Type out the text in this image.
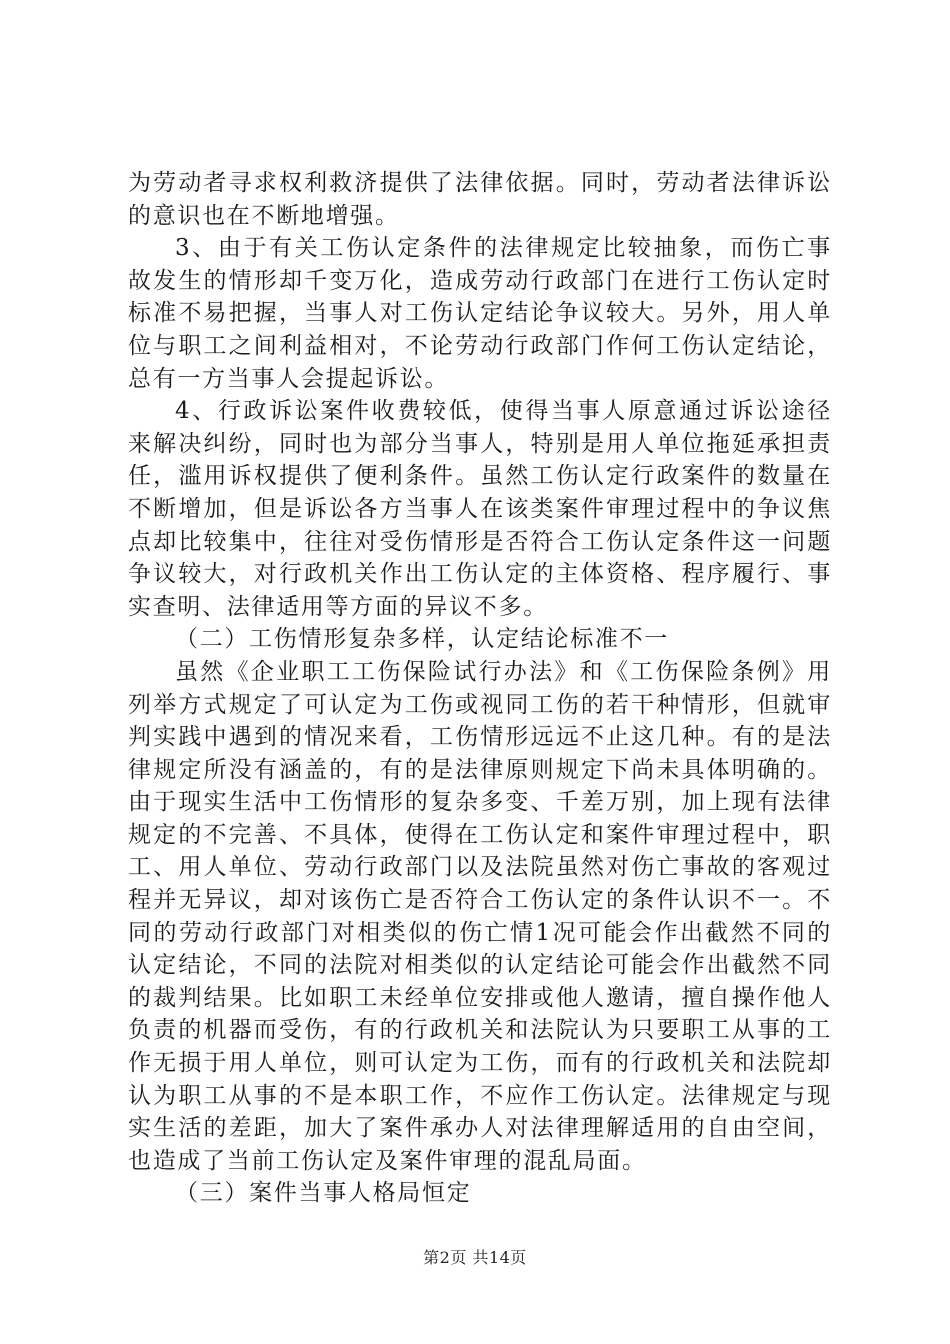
为劳动者寻求权利救济提供了法律依据。同时，劳动者法律诉讼的意识也在不断地增强。

3、由于有关工伤认定条件的法律规定比较抽象，而伤亡事故发生的情形却千变万化，造成劳动行政部门在进行工伤认定时标准不易把握，当事人对工伤认定结论争议较大。另外，用人单位与职工之间利益相对，不论劳动行政部门作何工伤认定结论，总有一方当事人会提起诉讼。

4、行政诉讼案件收费较低，使得当事人原意通过诉讼途径来解决纠纷，同时也为部分当事人，特别是用人单位拖延承担责任，滥用诉权提供了便利条件。虽然工伤认定行政案件的数量在不断增加，但是诉讼各方当事人在该类案件审理过程中的争议焦点却比较集中，往往对受伤情形是否符合工伤认定条件这一问题争议较大，对行政机关作出工伤认定的主体资格、程序履行、事实查明、法律适用等方面的异议不多。

（二）工伤情形复杂多样，认定结论标准不一

虽然《企业职工工伤保险试行办法》和《工伤保险条例》用列举方式规定了可认定为工伤或视同工伤的若干种情形，但就审判实践中遇到的情况来看，工伤情形远远不止这几种。有的是法律规定所没有涵盖的，有的是法律原则规定下尚未具体明确的。由于现实生活中工伤情形的复杂多变、千差万别，加上现有法律规定的不完善、不具体，使得在工伤认定和案件审理过程中，职工、用人单位、劳动行政部门以及法院虽然对伤亡事故的客观过程并无异议，却对该伤亡是否符合工伤认定的条件认识不一。不同的劳动行政部门对相类似的伤亡情1况可能会作出截然不同的认定结论，不同的法院对相类似的认定结论可能会作出截然不同的裁判结果。比如职工未经单位安排或他人邀请，擅自操作他人负责的机器而受伤，有的行政机关和法院认为只要职工从事的工作无损于用人单位，则可认定为工伤，而有的行政机关和法院却认为职工从事的不是本职工作，不应作工伤认定。法律规定与现实生活的差距，加大了案件承办人对法律理解适用的自由空间，也造成了当前工伤认定及案件审理的混乱局面。

（三）案件当事人格局恒定

第2页 共14页
